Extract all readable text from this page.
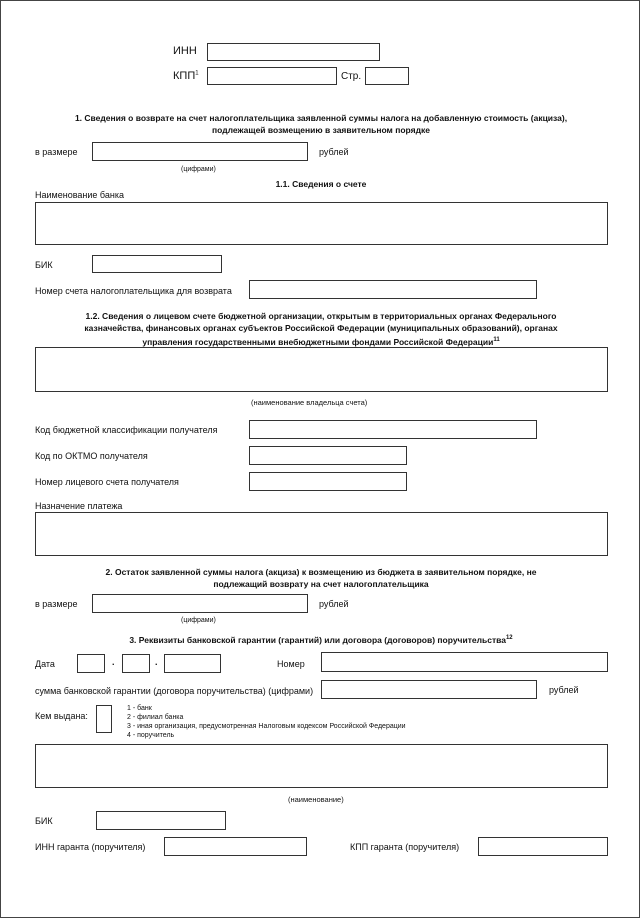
ИНН
КПП$^1$	Стр.
1. Сведения о возврате на счет налогоплательщика заявленной суммы налога на добавленную стоимость (акциза),
подлежащей возмещению в заявительном порядке
в размере	рублей
(цифрами)
1.1. Сведения о счете
Наименование банка
БИК
Номер счета налогоплательщика для возврата
1.2. Сведения о лицевом счете бюджетной организации, открытым в территориальных органах Федерального
казначейства, финансовых органах субъектов Российской Федерации (муниципальных образований), органах
управления государственными внебюджетными фондами Российской Федерации$^{11}$
(наименование владельца счета)
Код бюджетной классификации получателя
Код по ОКТМО получателя
Номер лицевого счета получателя
Назначение платежа
2. Остаток заявленной суммы налога (акциза) к возмещению из бюджета в заявительном порядке, не
подлежащий возврату на счет налогоплательщика
в размере	рублей
(цифрами)
3. Реквизиты банковской гарантии (гарантий) или договора (договоров) поручительства$^{12}$
Дата	.	.	Номер
сумма банковской гарантии (договора поручительства) (цифрами)	рублей
Кем выдана:
1 - банк
2 - филиал банка
3 - иная организация, предусмотренная Налоговым кодексом Российской Федерации
4 - поручитель
(наименование)
БИК
ИНН гаранта (поручителя)	КПП гаранта (поручителя)
